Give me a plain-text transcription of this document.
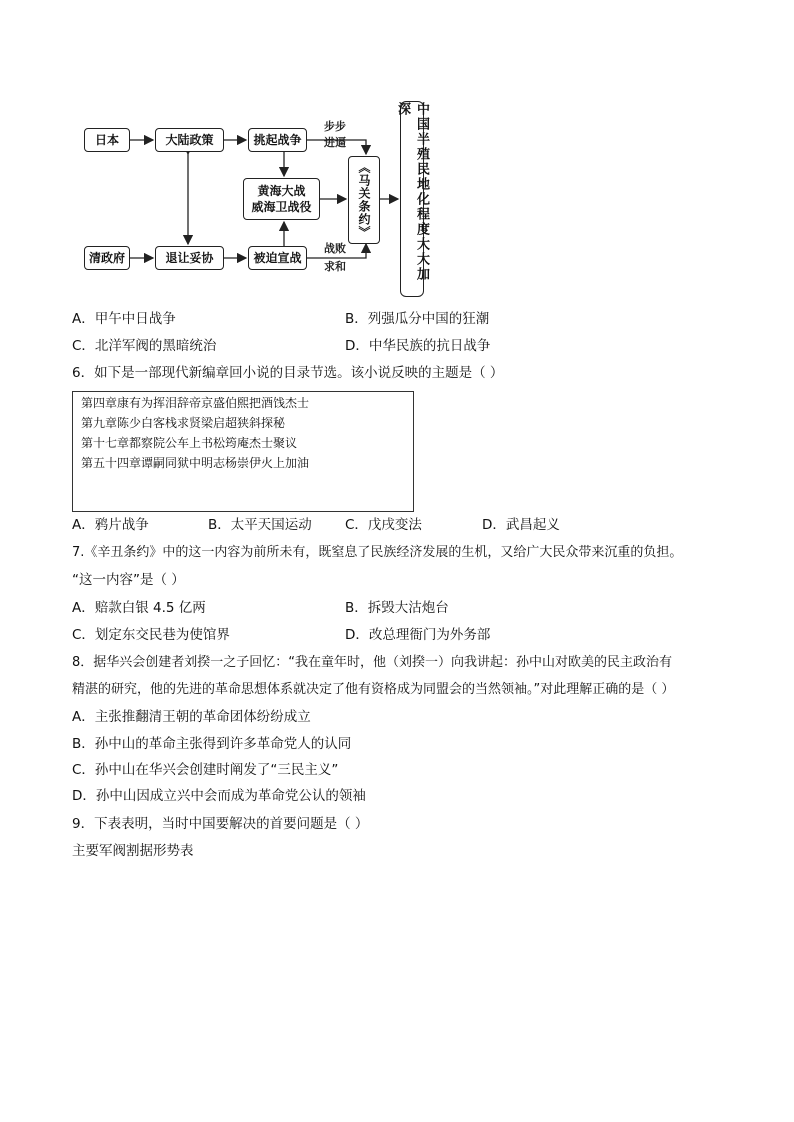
日本	大陆政策	挑起战争
步步
进逼
黄海大战
威海卫战役	《马关条约》	中国半殖民地化程度大大加深
清政府	退让妥协	被迫宣战
战败
求和
A．甲午中日战争	B．列强瓜分中国的狂潮
C．北洋军阀的黑暗统治	D．中华民族的抗日战争
6．如下是一部现代新编章回小说的目录节选。该小说反映的主题是（ ）
第四章康有为挥泪辞帝京盛伯熙把酒饯杰士
第九章陈少白客栈求贤梁启超狭斜探秘
第十七章都察院公车上书松筠庵杰士聚议
第五十四章谭嗣同狱中明志杨崇伊火上加油
A．鸦片战争	B．太平天国运动 C．戊戌变法	D．武昌起义
7.《辛丑条约》中的这一内容为前所未有，既窒息了民族经济发展的生机，又给广大民众带来沉重的负担。
“这一内容”是（ ）
A．赔款白银 4.5 亿两	B．拆毁大沽炮台
C．划定东交民巷为使馆界	D．改总理衙门为外务部
8．据华兴会创建者刘揆一之子回忆：“我在童年时，他（刘揆一）向我讲起：孙中山对欧美的民主政治有
精湛的研究，他的先进的革命思想体系就决定了他有资格成为同盟会的当然领袖。”对此理解正确的是（ ）
A．主张推翻清王朝的革命团体纷纷成立
B．孙中山的革命主张得到许多革命党人的认同
C．孙中山在华兴会创建时阐发了“三民主义”
D．孙中山因成立兴中会而成为革命党公认的领袖
9．下表表明，当时中国要解决的首要问题是（ ）
主要军阀割据形势表
